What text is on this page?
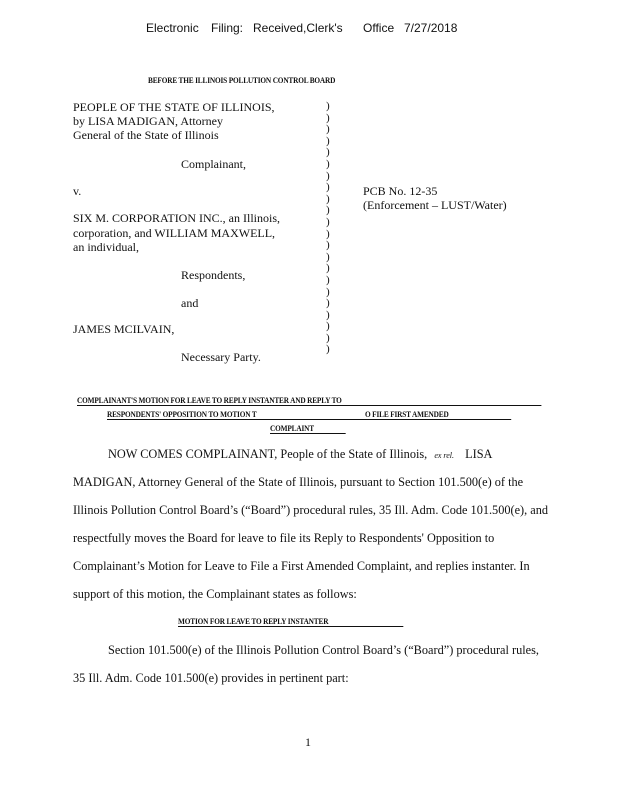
Electronic Filing: Received,Clerk's Office 7/27/2018
BEFORE THE ILLINOIS POLLUTION CONTROL BOARD
PEOPLE OF THE STATE OF ILLINOIS,
by LISA MADIGAN, Attorney
General of the State of Illinois
Complainant,
v.
SIX M. CORPORATION INC., an Illinois,
corporation, and WILLIAM MAXWELL,
an individual,
Respondents,
and
JAMES MCILVAIN,
Necessary Party.
)
)
)
)
)
)
)
)
)
)
)
)
)
)
)
)
)
)
)
)
)
)
PCB No. 12-35
(Enforcement – LUST/Water)
COMPLAINANT'S MOTION FOR LEAVE TO REPLY INSTANTER AND REPLY TO
RESPONDENTS' OPPOSITION TO MOTION T	O FILE FIRST AMENDED
COMPLAINT
NOW COMES COMPLAINANT, People of the State of Illinois, ex rel. LISA
MADIGAN, Attorney General of the State of Illinois, pursuant to Section 101.500(e) of the
Illinois Pollution Control Board’s (“Board”) procedural rules, 35 Ill. Adm. Code 101.500(e), and
respectfully moves the Board for leave to file its Reply to Respondents' Opposition to
Complainant’s Motion for Leave to File a First Amended Complaint, and replies instanter. In
support of this motion, the Complainant states as follows:
MOTION FOR LEAVE TO REPLY INSTANTER
Section 101.500(e) of the Illinois Pollution Control Board’s (“Board”) procedural rules,
35 Ill. Adm. Code 101.500(e) provides in pertinent part:
1
